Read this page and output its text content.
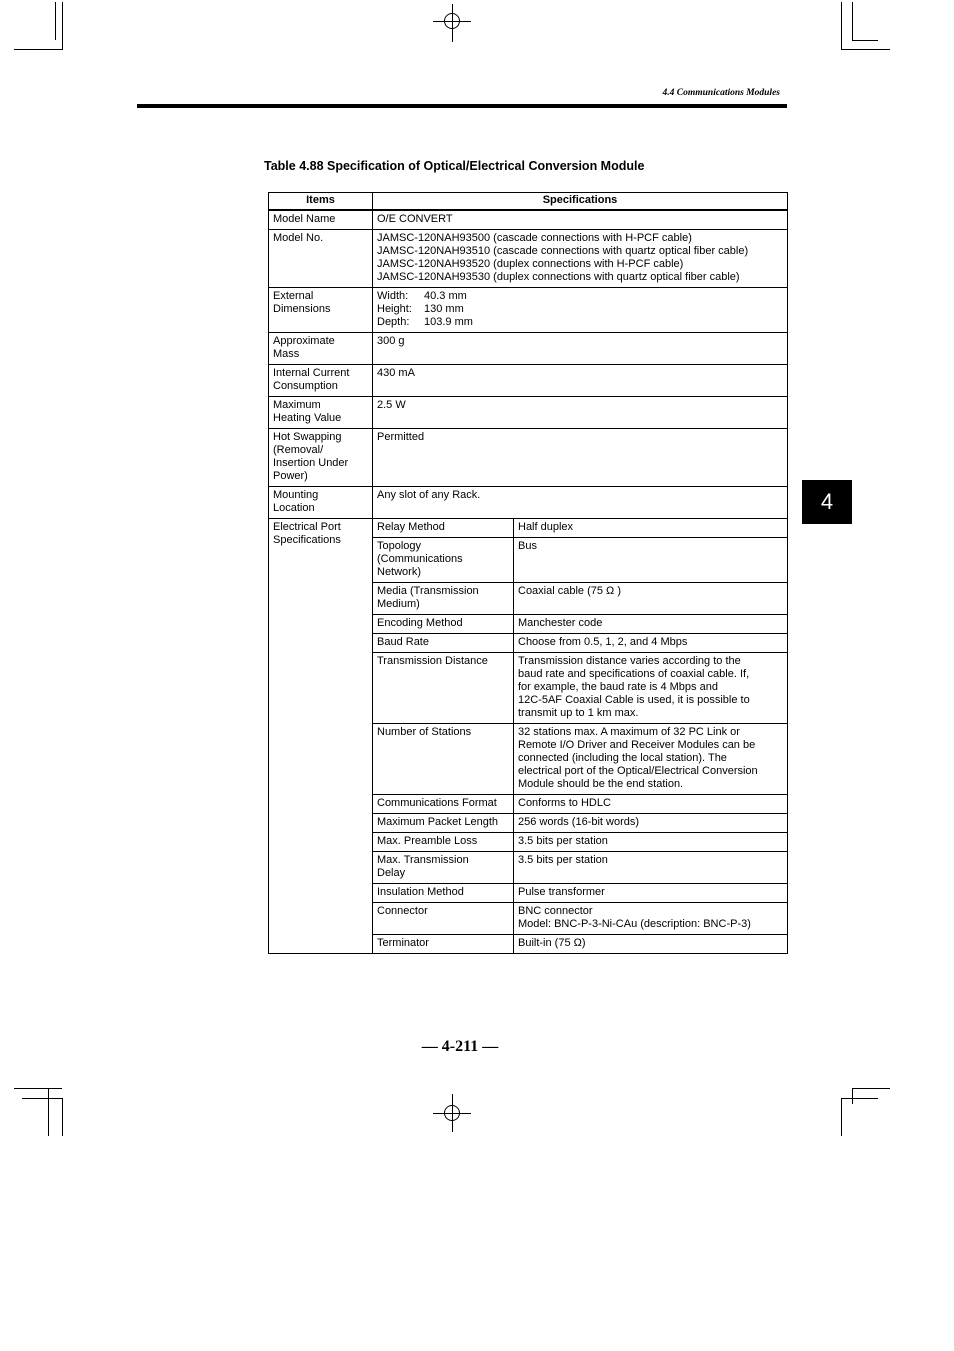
4.4 Communications Modules
Table 4.88 Specification of Optical/Electrical Conversion Module
Items	Specifications	
Model Name	O/E CONVERT	
Model No.	JAMSC-120NAH93500 (cascade connections with H-PCF cable)
JAMSC-120NAH93510 (cascade connections with quartz optical fiber cable)
JAMSC-120NAH93520 (duplex connections with H-PCF cable)
JAMSC-120NAH93530 (duplex connections with quartz optical fiber cable)	

External
Dimensions	Width: 40.3 mm
Height: 130 mm
Depth: 103.9 mm	

Approximate
Mass	300 g	

Internal Current
Consumption	430 mA	

Maximum
Heating Value	2.5 W	

Hot Swapping
(Removal/
Insertion Under
Power)	Permitted	

Mounting
Location	Any slot of any Rack.	

Electrical Port
Specifications	Relay Method	Half duplex

	Topology
(Communications
Network)	Bus

	Media (Transmission
Medium)	Coaxial cable (75 Ω )

	Encoding Method	Manchester code

	Baud Rate	Choose from 0.5, 1, 2, and 4 Mbps

	Transmission Distance	Transmission distance varies according to the
baud rate and specifications of coaxial cable. If,
for example, the baud rate is 4 Mbps and
12C-5AF Coaxial Cable is used, it is possible to
transmit up to 1 km max.

	Number of Stations	32 stations max. A maximum of 32 PC Link or
Remote I/O Driver and Receiver Modules can be
connected (including the local station). The
electrical port of the Optical/Electrical Conversion
Module should be the end station.

	Communications Format	Conforms to HDLC

	Maximum Packet Length	256 words (16-bit words)

	Max. Preamble Loss	3.5 bits per station

	Max. Transmission
Delay	3.5 bits per station

	Insulation Method	Pulse transformer

	Connector	BNC connector
Model: BNC-P-3-Ni-CAu (description: BNC-P-3)

	Terminator	Built-in (75 Ω)
4
— 4-211 —
